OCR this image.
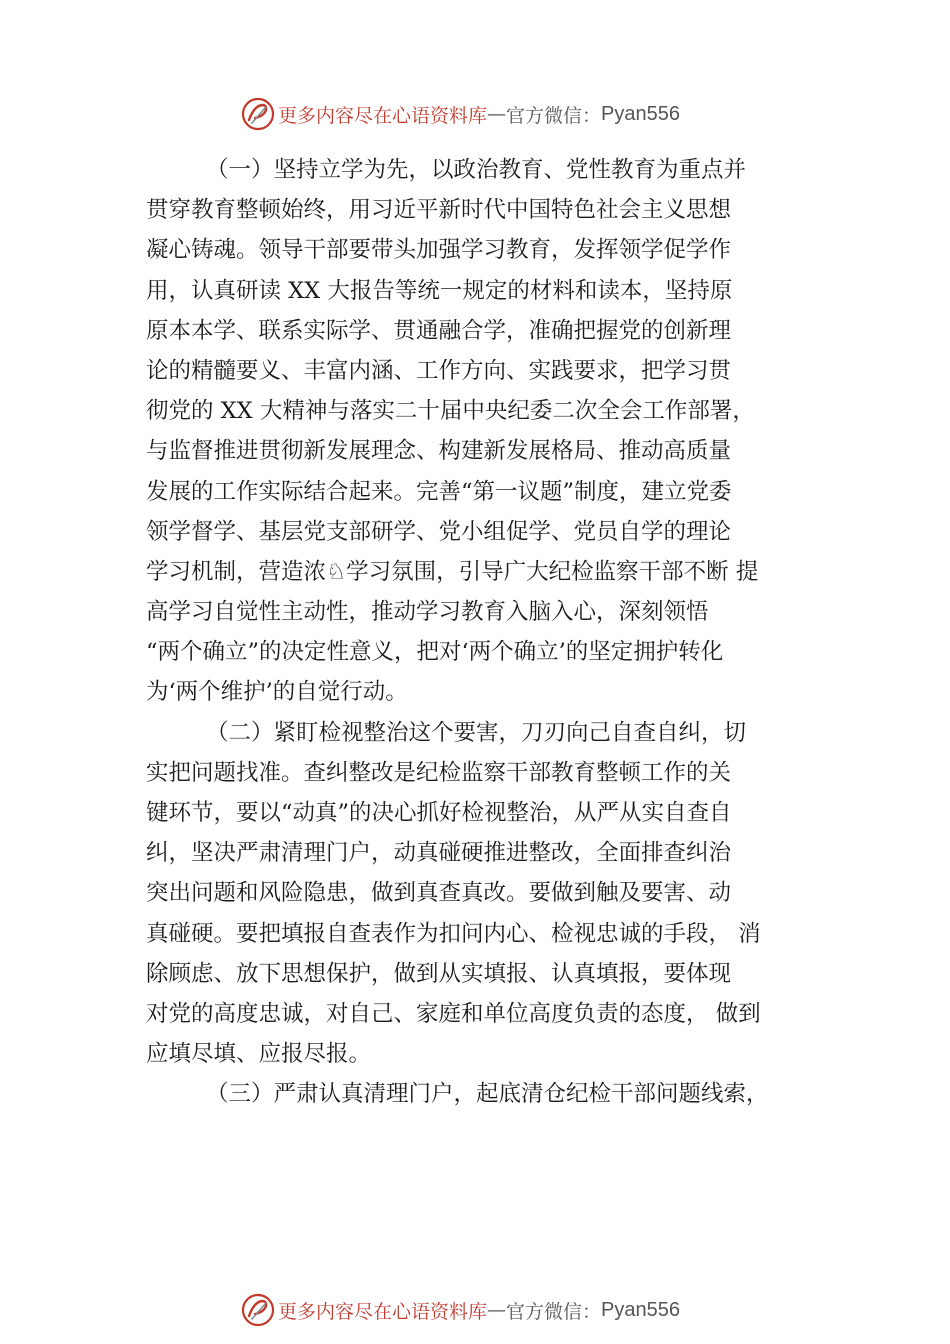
更多内容尽在心语资料库 — 官方微信： Pyan556
（一）坚持立学为先，以政治教育、党性教育为重点并
贯穿教育整顿始终，用习近平新时代中国特色社会主义思想
凝心铸魂。领导干部要带头加强学习教育，发挥领学促学作
用，认真研读 XX 大报告等统一规定的材料和读本，坚持原
原本本学、联系实际学、贯通融合学，准确把握党的创新理
论的精髓要义、丰富内涵、工作方向、实践要求，把学习贯
彻党的 XX 大精神与落实二十届中央纪委二次全会工作部署，
与监督推进贯彻新发展理念、构建新发展格局、推动高质量
发展的工作实际结合起来。完善“第一议题”制度，建立党委
领学督学、基层党支部研学、党小组促学、党员自学的理论
学习机制，营造浓♘学习氛围，引导广大纪检监察干部不断 提
高学习自觉性主动性，推动学习教育入脑入心，深刻领悟
“两个确立”的决定性意义，把对‘两个确立’的坚定拥护转化
为‘两个维护’的自觉行动。
（二）紧盯检视整治这个要害，刀刃向己自查自纠，切
实把问题找准。查纠整改是纪检监察干部教育整顿工作的关
键环节，要以“动真”的决心抓好检视整治，从严从实自查自
纠，坚决严肃清理门户，动真碰硬推进整改，全面排查纠治
突出问题和风险隐患，做到真查真改。要做到触及要害、动
真碰硬。要把填报自查表作为扣问内心、检视忠诚的手段， 消
除顾虑、放下思想保护，做到从实填报、认真填报，要体现
对党的高度忠诚，对自己、家庭和单位高度负责的态度， 做到
应填尽填、应报尽报。
（三）严肃认真清理门户，起底清仓纪检干部问题线索，
更多内容尽在心语资料库 — 官方微信： Pyan556
